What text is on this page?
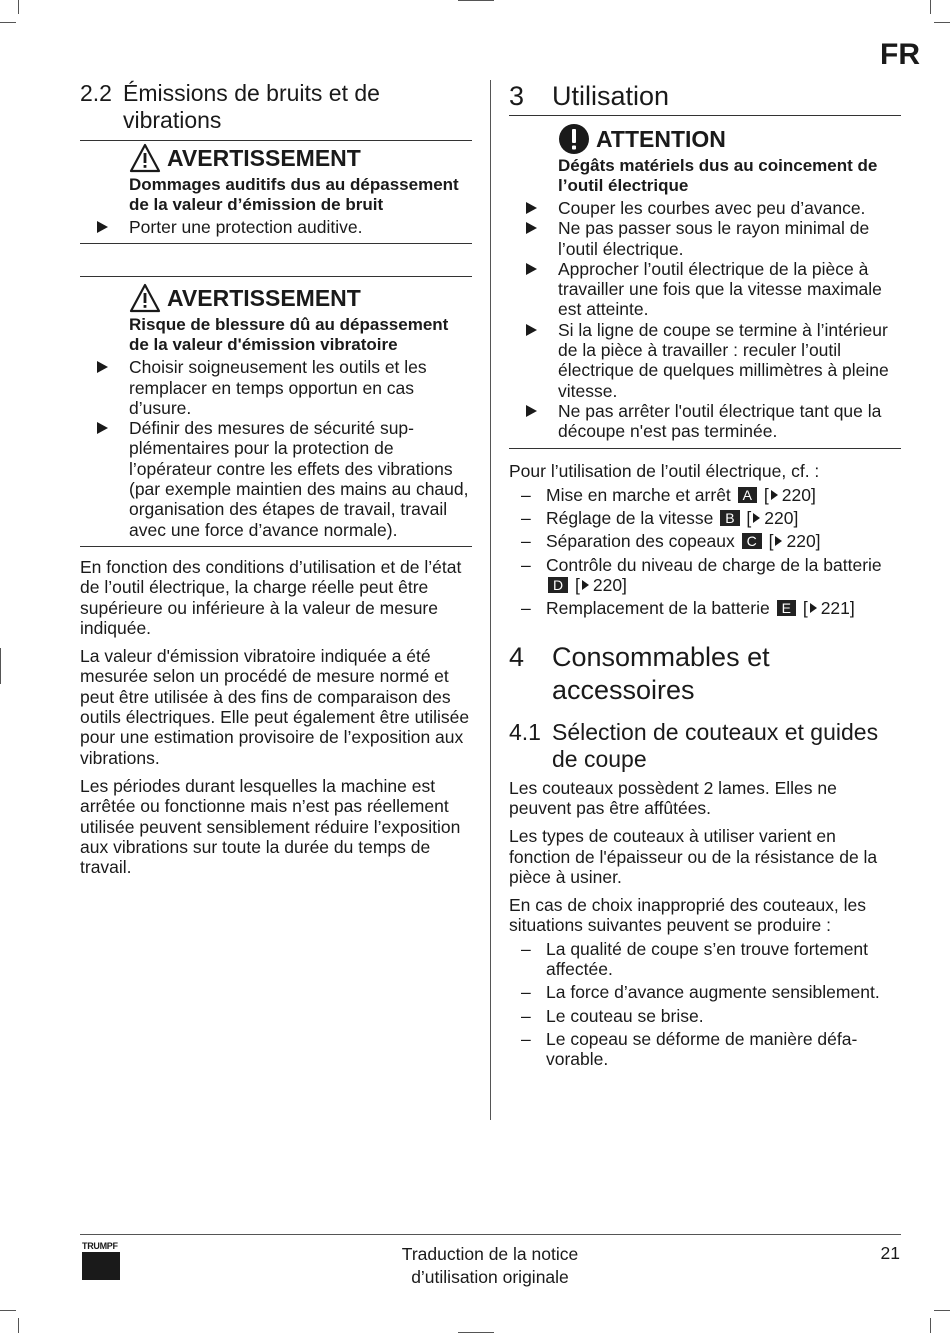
FR
2.2 Émissions de bruits et de vibrations
AVERTISSEMENT
Dommages auditifs dus au dépassement de la valeur d’émission de bruit
Porter une protection auditive.
AVERTISSEMENT
Risque de blessure dû au dépassement de la valeur d'émission vibratoire
Choisir soigneusement les outils et les remplacer en temps opportun en cas d’usure.
Définir des mesures de sécurité supplémentaires pour la protection de l’opérateur contre les effets des vibrations (par exemple maintien des mains au chaud, organisation des étapes de travail, travail avec une force d’avance normale).

En fonction des conditions d’utilisation et de l’état de l’outil électrique, la charge réelle peut être supérieure ou inférieure à la valeur de mesure indiquée.

La valeur d'émission vibratoire indiquée a été mesurée selon un procédé de mesure normé et peut être utilisée à des fins de comparaison des outils électriques. Elle peut également être utilisée pour une estimation provisoire de l’exposition aux vibrations.

Les périodes durant lesquelles la machine est arrêtée ou fonctionne mais n’est pas réellement utilisée peuvent sensiblement réduire l’exposition aux vibrations sur toute la durée du temps de travail.

3	Utilisation
ATTENTION
Dégâts matériels dus au coincement de l’outil électrique
Couper les courbes avec peu d’avance.
Ne pas passer sous le rayon minimal de l’outil électrique.
Approcher l’outil électrique de la pièce à travailler une fois que la vitesse maximale est atteinte.
Si la ligne de coupe se termine à l’intérieur de la pièce à travailler : reculer l’outil électrique de quelques millimètres à pleine vitesse.
Ne pas arrêter l'outil électrique tant que la découpe n'est pas terminée.

Pour l’utilisation de l’outil électrique, cf. :

– Mise en marche et arrêt A [ 220]
– Réglage de la vitesse B [ 220]
– Séparation des copeaux C [ 220]
– Contrôle du niveau de charge de la batterie D [ 220]
– Remplacement de la batterie E [ 221]
4	Consommables et accessoires
4.1 Sélection de couteaux et guides de coupe

Les couteaux possèdent 2 lames. Elles ne peuvent pas être affûtées.

Les types de couteaux à utiliser varient en fonction de l'épaisseur ou de la résistance de la pièce à usiner.

En cas de choix inapproprié des couteaux, les situations suivantes peuvent se produire :

– La qualité de coupe s’en trouve fortement affectée.
– La force d’avance augmente sensiblement.
– Le couteau se brise.
– Le copeau se déforme de manière défavorable.
TRUMPF	Traduction de la notice
d’utilisation originale
21
